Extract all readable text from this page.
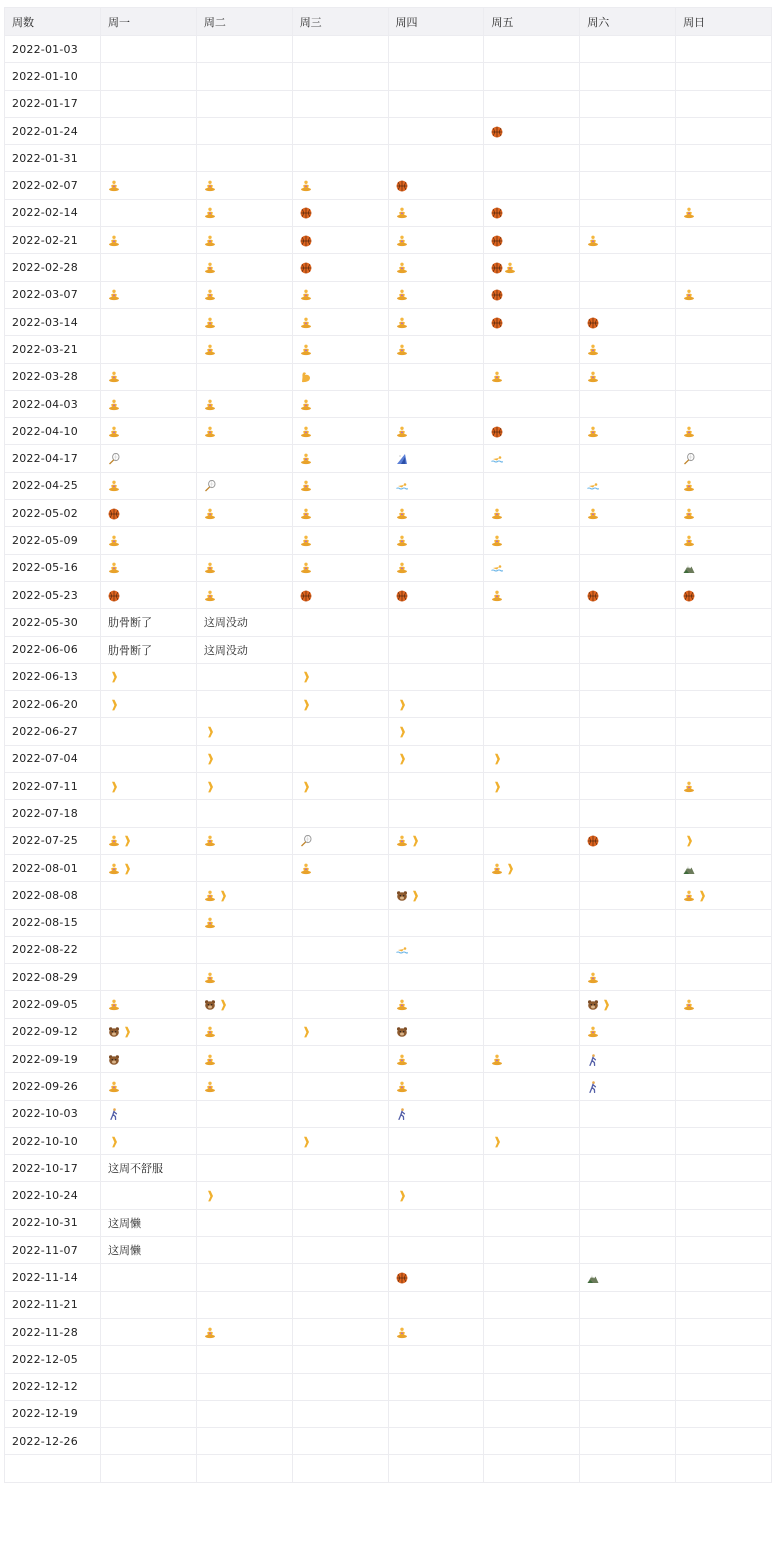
周数	周一	周二	周三	周四	周五	周六	周日
2022-01-03							
2022-01-10							
2022-01-17							
2022-01-24							
2022-01-31							
2022-02-07							
2022-02-14							
2022-02-21							
2022-02-28							
2022-03-07							
2022-03-14							
2022-03-21							
2022-03-28							
2022-04-03							
2022-04-10							
2022-04-17							
2022-04-25							
2022-05-02							
2022-05-09							
2022-05-16							
2022-05-23							
2022-05-30	肋骨断了	这周没动					
2022-06-06	肋骨断了	这周没动					
2022-06-13							
2022-06-20							
2022-06-27							
2022-07-04							
2022-07-11							
2022-07-18							
2022-07-25							
2022-08-01							
2022-08-08							
2022-08-15							
2022-08-22							
2022-08-29							
2022-09-05							
2022-09-12							
2022-09-19							
2022-09-26							
2022-10-03							
2022-10-10							
2022-10-17	这周不舒服						
2022-10-24							
2022-10-31	这周懒						
2022-11-07	这周懒						
2022-11-14							
2022-11-21							
2022-11-28							
2022-12-05							
2022-12-12							
2022-12-19							
2022-12-26							
